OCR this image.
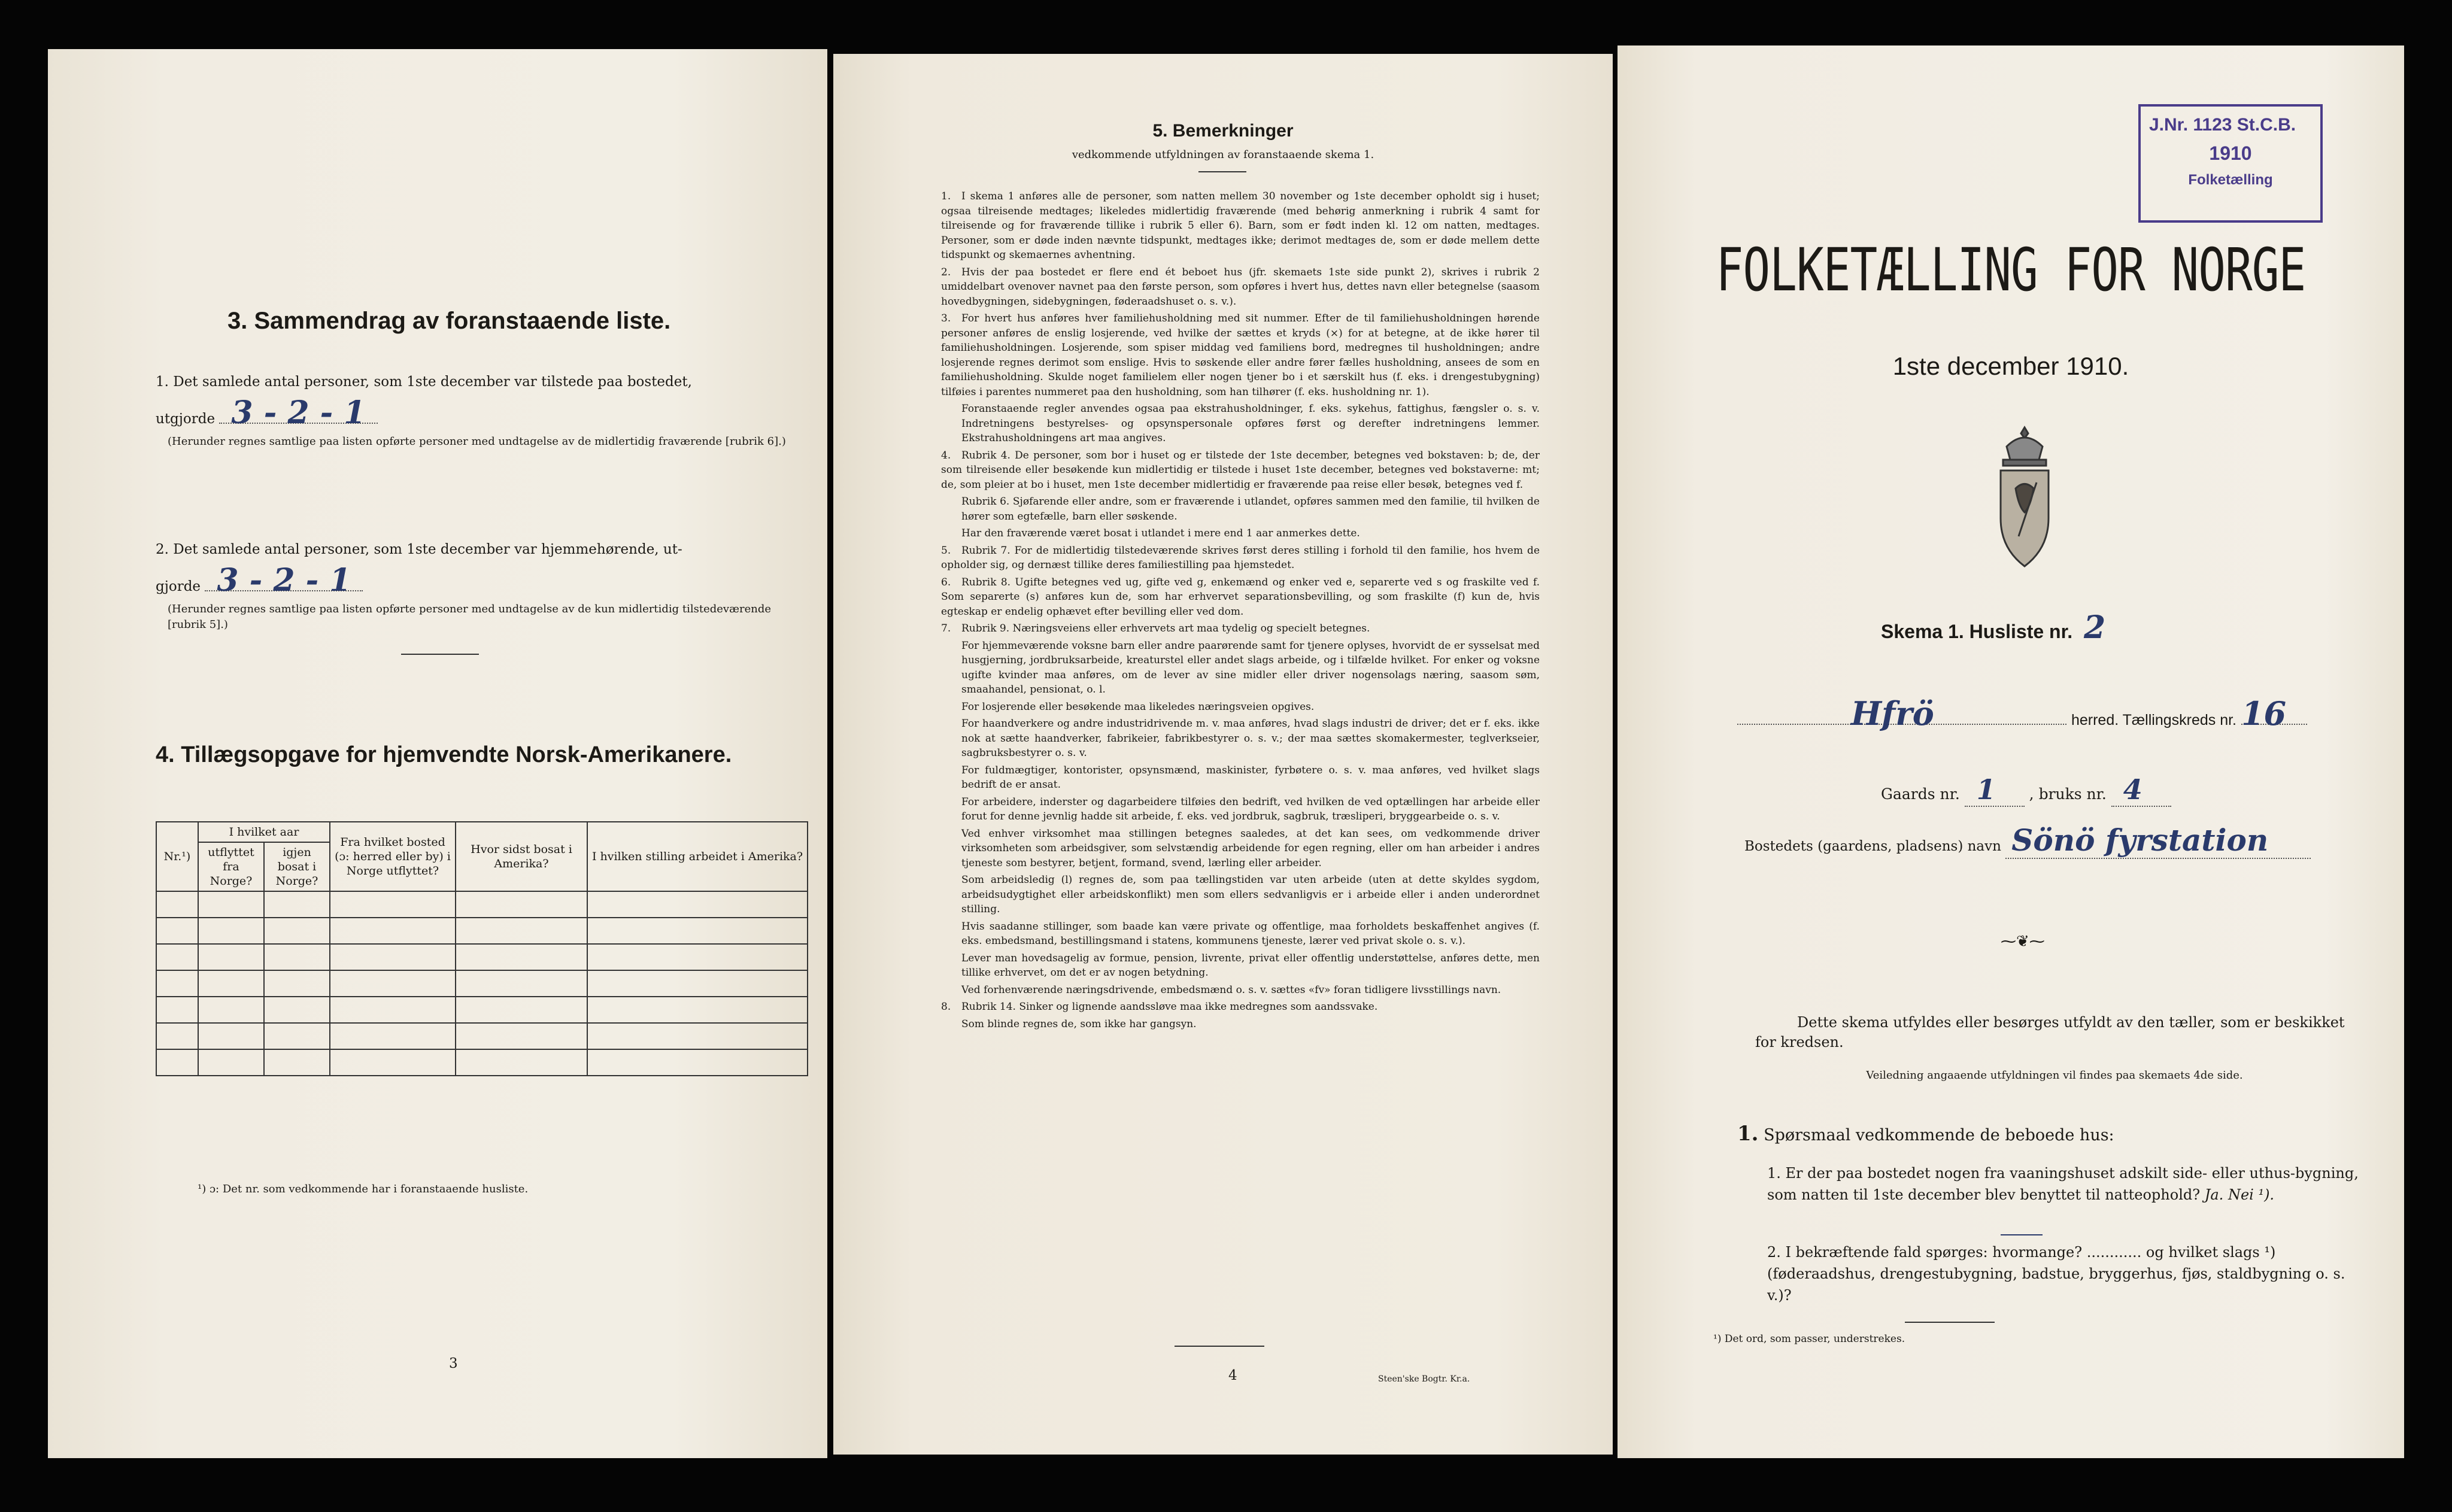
3. Sammendrag av foranstaaende liste.
1. Det samlede antal personer, som 1ste december var tilstede paa bostedet,
utgjorde 3 - 2 - 1
(Herunder regnes samtlige paa listen opførte personer med undtagelse av de midlertidig fraværende [rubrik 6].)
2. Det samlede antal personer, som 1ste december var hjemmehørende, ut-
gjorde 3 - 2 - 1
(Herunder regnes samtlige paa listen opførte personer med undtagelse av de kun midlertidig tilstedeværende [rubrik 5].)
4. Tillægsopgave for hjemvendte Norsk-Amerikanere.
Nr.¹)	I hvilket aar		Fra hvilket bosted (ɔ: herred eller by) i Norge utflyttet?	Hvor sidst bosat i Amerika?	I hvilken stilling arbeidet i Amerika?
	utflyttet fra Norge?	igjen bosat i Norge?			

¹) ɔ: Det nr. som vedkommende har i foranstaaende husliste.
3
5. Bemerkninger
vedkommende utfyldningen av foranstaaende skema 1.

1. I skema 1 anføres alle de personer, som natten mellem 30 november og 1ste december opholdt sig i huset; ogsaa tilreisende medtages; likeledes midlertidig fraværende (med behørig anmerkning i rubrik 4 samt for tilreisende og for fraværende tillike i rubrik 5 eller 6). Barn, som er født inden kl. 12 om natten, medtages. Personer, som er døde inden nævnte tidspunkt, medtages ikke; derimot medtages de, som er døde mellem dette tidspunkt og skemaernes avhentning.

2. Hvis der paa bostedet er flere end ét beboet hus (jfr. skemaets 1ste side punkt 2), skrives i rubrik 2 umiddelbart ovenover navnet paa den første person, som opføres i hvert hus, dettes navn eller betegnelse (saasom hovedbygningen, sidebygningen, føderaadshuset o. s. v.).

3. For hvert hus anføres hver familiehusholdning med sit nummer. Efter de til familiehusholdningen hørende personer anføres de enslig losjerende, ved hvilke der sættes et kryds (×) for at betegne, at de ikke hører til familiehusholdningen. Losjerende, som spiser middag ved familiens bord, medregnes til husholdningen; andre losjerende regnes derimot som enslige. Hvis to søskende eller andre fører fælles husholdning, ansees de som en familiehusholdning. Skulde noget familielem eller nogen tjener bo i et særskilt hus (f. eks. i drengestubygning) tilføies i parentes nummeret paa den husholdning, som han tilhører (f. eks. husholdning nr. 1).

Foranstaaende regler anvendes ogsaa paa ekstrahusholdninger, f. eks. sykehus, fattighus, fængsler o. s. v. Indretningens bestyrelses- og opsynspersonale opføres først og derefter indretningens lemmer. Ekstrahusholdningens art maa angives.

4. Rubrik 4. De personer, som bor i huset og er tilstede der 1ste december, betegnes ved bokstaven: b; de, der som tilreisende eller besøkende kun midlertidig er tilstede i huset 1ste december, betegnes ved bokstaverne: mt; de, som pleier at bo i huset, men 1ste december midlertidig er fraværende paa reise eller besøk, betegnes ved f.

Rubrik 6. Sjøfarende eller andre, som er fraværende i utlandet, opføres sammen med den familie, til hvilken de hører som egtefælle, barn eller søskende.

Har den fraværende været bosat i utlandet i mere end 1 aar anmerkes dette.

5. Rubrik 7. For de midlertidig tilstedeværende skrives først deres stilling i forhold til den familie, hos hvem de opholder sig, og dernæst tillike deres familiestilling paa hjemstedet.

6. Rubrik 8. Ugifte betegnes ved ug, gifte ved g, enkemænd og enker ved e, separerte ved s og fraskilte ved f. Som separerte (s) anføres kun de, som har erhvervet separationsbevilling, og som fraskilte (f) kun de, hvis egteskap er endelig ophævet efter bevilling eller ved dom.

7. Rubrik 9. Næringsveiens eller erhvervets art maa tydelig og specielt betegnes.

For hjemmeværende voksne barn eller andre paarørende samt for tjenere oplyses, hvorvidt de er sysselsat med husgjerning, jordbruksarbeide, kreaturstel eller andet slags arbeide, og i tilfælde hvilket. For enker og voksne ugifte kvinder maa anføres, om de lever av sine midler eller driver nogensolags næring, saasom søm, smaahandel, pensionat, o. l.

For losjerende eller besøkende maa likeledes næringsveien opgives.

For haandverkere og andre industridrivende m. v. maa anføres, hvad slags industri de driver; det er f. eks. ikke nok at sætte haandverker, fabrikeier, fabrikbestyrer o. s. v.; der maa sættes skomakermester, teglverkseier, sagbruksbestyrer o. s. v.

For fuldmægtiger, kontorister, opsynsmænd, maskinister, fyrbøtere o. s. v. maa anføres, ved hvilket slags bedrift de er ansat.

For arbeidere, inderster og dagarbeidere tilføies den bedrift, ved hvilken de ved optællingen har arbeide eller forut for denne jevnlig hadde sit arbeide, f. eks. ved jordbruk, sagbruk, træsliperi, bryggearbeide o. s. v.

Ved enhver virksomhet maa stillingen betegnes saaledes, at det kan sees, om vedkommende driver virksomheten som arbeidsgiver, som selvstændig arbeidende for egen regning, eller om han arbeider i andres tjeneste som bestyrer, betjent, formand, svend, lærling eller arbeider.

Som arbeidsledig (l) regnes de, som paa tællingstiden var uten arbeide (uten at dette skyldes sygdom, arbeidsudygtighet eller arbeidskonflikt) men som ellers sedvanligvis er i arbeide eller i anden underordnet stilling.

Hvis saadanne stillinger, som baade kan være private og offentlige, maa forholdets beskaffenhet angives (f. eks. embedsmand, bestillingsmand i statens, kommunens tjeneste, lærer ved privat skole o. s. v.).

Lever man hovedsagelig av formue, pension, livrente, privat eller offentlig understøttelse, anføres dette, men tillike erhvervet, om det er av nogen betydning.

Ved forhenværende næringsdrivende, embedsmænd o. s. v. sættes «fv» foran tidligere livsstillings navn.

8. Rubrik 14. Sinker og lignende aandssløve maa ikke medregnes som aandssvake.

Som blinde regnes de, som ikke har gangsyn.

4	Steen'ske Bogtr. Kr.a.
J.Nr. 1123 St.C.B.
1910
Folketælling
FOLKETÆLLING FOR NORGE
1ste december 1910.
Skema 1. Husliste nr. 2
Hfrö	herred. Tællingskreds nr. 16
Gaards nr. 1 , bruks nr. 4
Bostedets (gaardens, pladsens) navn Sönö fyrstation
⁓❦⁓
Dette skema utfyldes eller besørges utfyldt av den tæller, som er beskikket for kredsen.
Veiledning angaaende utfyldningen vil findes paa skemaets 4de side.
1. Spørsmaal vedkommende de beboede hus:
1. Er der paa bostedet nogen fra vaaningshuset adskilt side- eller uthus-bygning, som natten til 1ste december blev benyttet til natteophold? Ja. Nei ¹).
2. I bekræftende fald spørges: hvormange? ............ og hvilket slags ¹) (føderaadshus, drengestubygning, badstue, bryggerhus, fjøs, staldbygning o. s. v.)?
¹) Det ord, som passer, understrekes.
